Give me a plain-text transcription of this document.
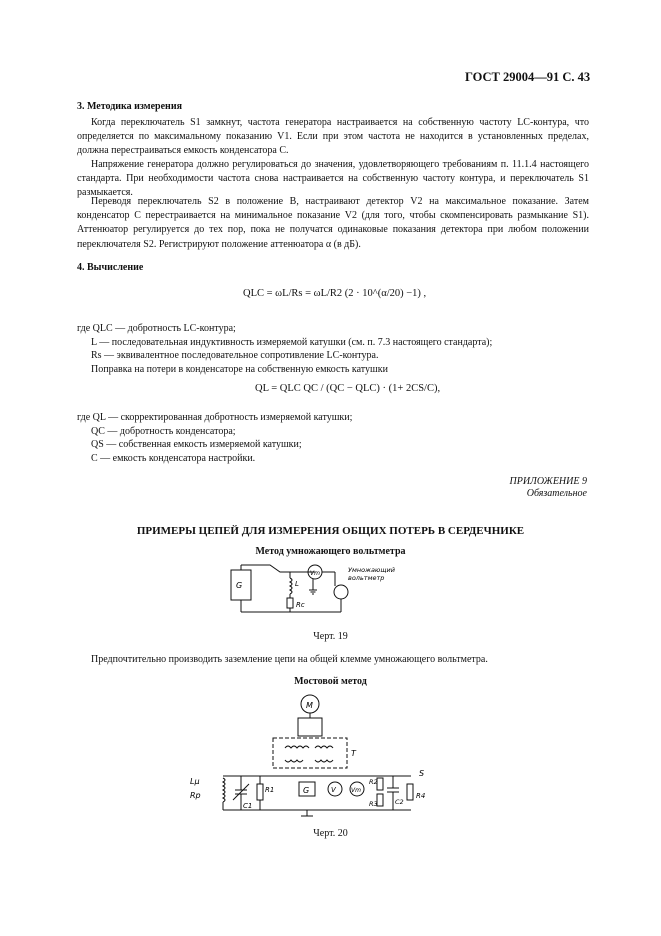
ГОСТ 29004—91 С. 43
3. Методика измерения
Когда переключатель S1 замкнут, частота генератора настраивается на собственную частоту LC-контура, что определяется по максимальному показанию V1. Если при этом частота не находится в установленных пределах, должна перестраиваться емкость конденсатора C.
Напряжение генератора должно регулироваться до значения, удовлетворяющего требованиям п. 11.1.4 настоящего стандарта. При необходимости частота снова настраивается на собственную частоту контура, и переключатель S1 размыкается.
Переводя переключатель S2 в положение B, настраивают детектор V2 на максимальное показание. Затем конденсатор C перестраивается на минимальное показание V2 (для того, чтобы скомпенсировать размыкание S1). Аттенюатор регулируется до тех пор, пока не получатся одинаковые показания детектора при любом положении переключателя S2. Регистрируют положение аттенюатора α (в дБ).
4. Вычисление
QLC = ωL/Rs = ωL/R2 (2 · 10^(α/20) −1) ,
где QLC — добротность LC-контура;
L — последовательная индуктивность измеряемой катушки (см. п. 7.3 настоящего стандарта);
Rs — эквивалентное последовательное сопротивление LC-контура.
Поправка на потери в конденсаторе на собственную емкость катушки
QL = QLC QC / (QC − QLC) · (1+ 2CS/C),
где QL — скорректированная добротность измеряемой катушки;
QC — добротность конденсатора;
QS — собственная емкость измеряемой катушки;
C — емкость конденсатора настройки.
ПРИЛОЖЕНИЕ 9
Обязательное
ПРИМЕРЫ ЦЕПЕЙ ДЛЯ ИЗМЕРЕНИЯ ОБЩИХ ПОТЕРЬ В СЕРДЕЧНИКЕ
Метод умножающего вольтметра
G	L
Rc
Vm	Умножающий
вольтметр
Черт. 19
Предпочтительно производить заземление цепи на общей клемме умножающего вольтметра.
Мостовой метод
M
T
Lμ
Rp
C1
R1	G	V	Vm
R2
R3	C2
R4
S
Черт. 20
